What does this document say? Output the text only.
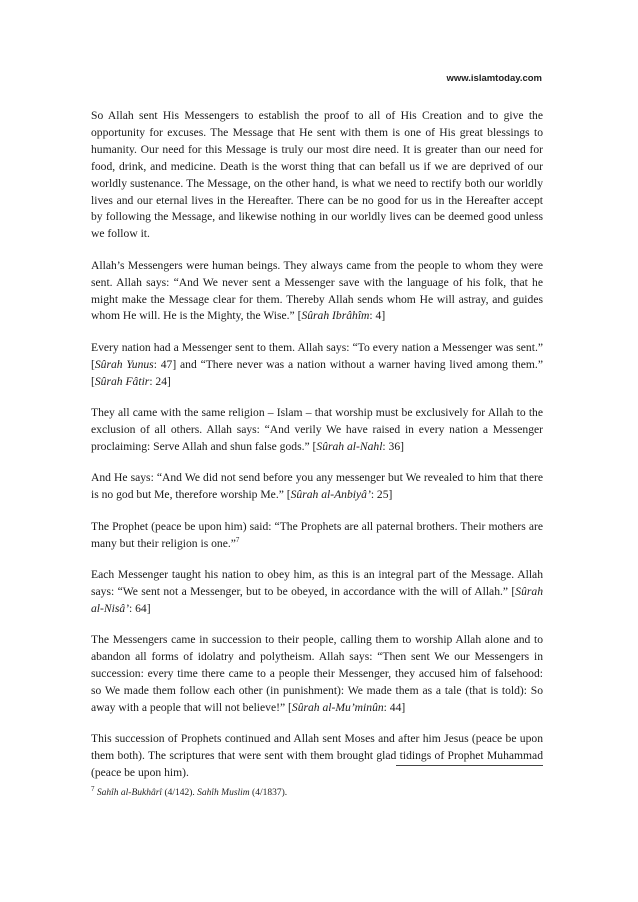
www.islamtoday.com

So Allah sent His Messengers to establish the proof to all of His Creation and to give the opportunity for excuses. The Message that He sent with them is one of His great blessings to humanity. Our need for this Message is truly our most dire need. It is greater than our need for food, drink, and medicine. Death is the worst thing that can befall us if we are deprived of our worldly sustenance. The Message, on the other hand, is what we need to rectify both our worldly lives and our eternal lives in the Hereafter. There can be no good for us in the Hereafter accept by following the Message, and likewise nothing in our worldly lives can be deemed good unless we follow it.

Allah’s Messengers were human beings. They always came from the people to whom they were sent. Allah says: “And We never sent a Messenger save with the language of his folk, that he might make the Message clear for them. Thereby Allah sends whom He will astray, and guides whom He will. He is the Mighty, the Wise.” [Sûrah Ibrâhîm: 4]

Every nation had a Messenger sent to them. Allah says: “To every nation a Messenger was sent.” [Sûrah Yunus: 47] and “There never was a nation without a warner having lived among them.” [Sûrah Fâtir: 24]

They all came with the same religion – Islam – that worship must be exclusively for Allah to the exclusion of all others. Allah says: “And verily We have raised in every nation a Messenger proclaiming: Serve Allah and shun false gods.” [Sûrah al-Nahl: 36]

And He says: “And We did not send before you any messenger but We revealed to him that there is no god but Me, therefore worship Me.” [Sûrah al-Anbiyâ’: 25]

The Prophet (peace be upon him) said: “The Prophets are all paternal brothers. Their mothers are many but their religion is one.”$^7$

Each Messenger taught his nation to obey him, as this is an integral part of the Message. Allah says: “We sent not a Messenger, but to be obeyed, in accordance with the will of Allah.” [Sûrah al-Nisâ’: 64]

The Messengers came in succession to their people, calling them to worship Allah alone and to abandon all forms of idolatry and polytheism. Allah says: “Then sent We our Messengers in succession: every time there came to a people their Messenger, they accused him of falsehood: so We made them follow each other (in punishment): We made them as a tale (that is told): So away with a people that will not believe!” [Sûrah al-Mu’minûn: 44]

This succession of Prophets continued and Allah sent Moses and after him Jesus (peace be upon them both). The scriptures that were sent with them brought glad tidings of Prophet Muhammad (peace be upon him).

$^7$ Sahîh al-Bukhârî (4/142). Sahîh Muslim (4/1837).
